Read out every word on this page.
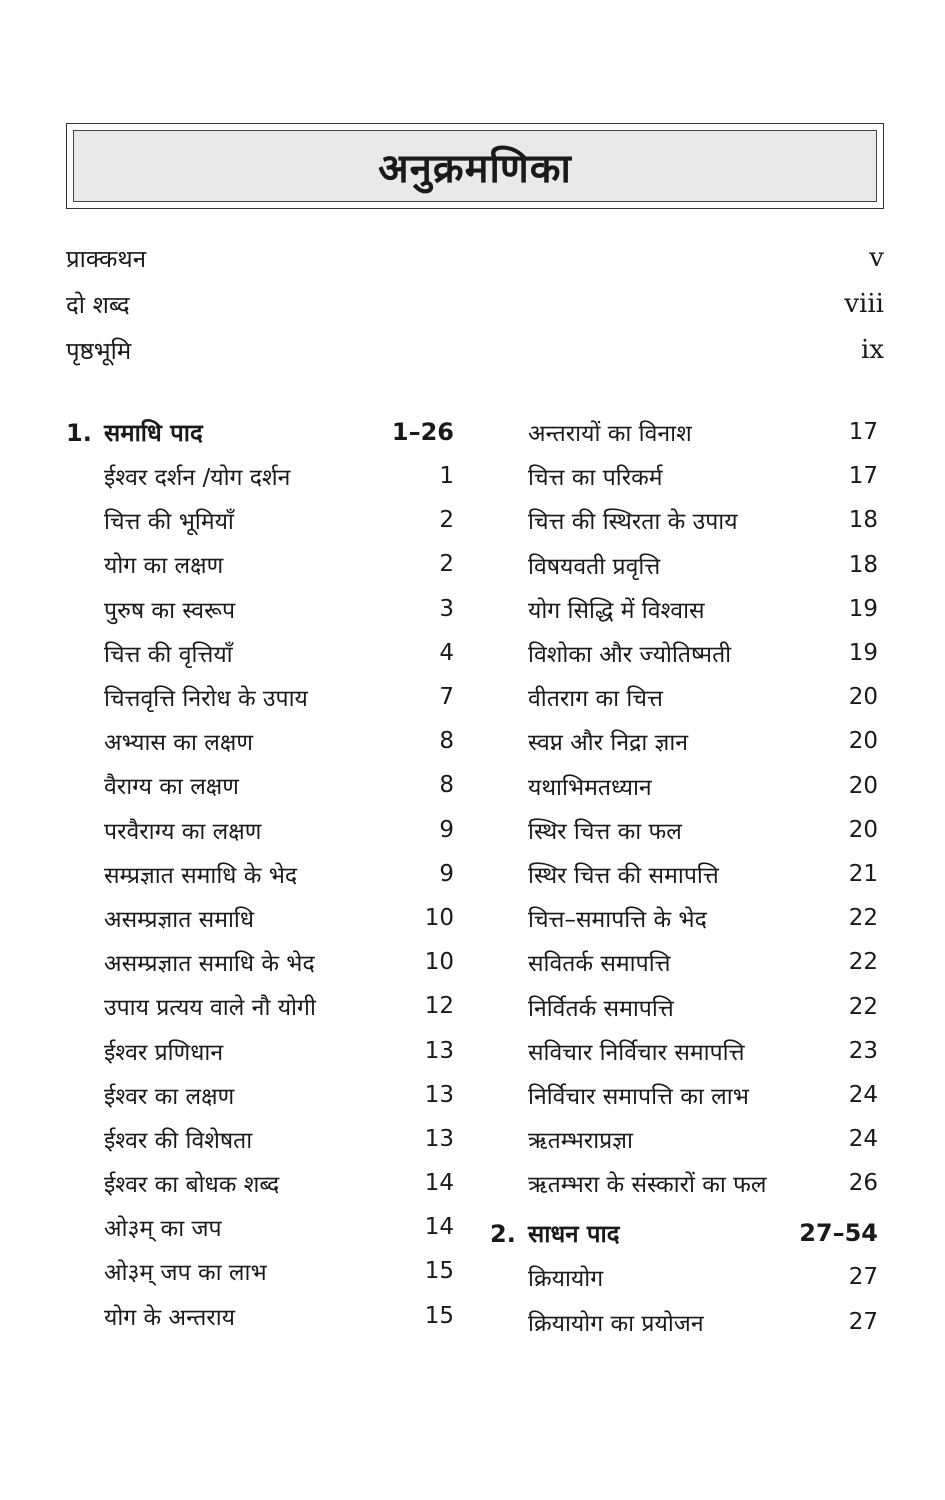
अनुक्रमणिका
प्राक्कथन	v
दो शब्द	viii
पृष्ठभूमि	ix
1. समाधि पाद	1–26
ईश्वर दर्शन /योग दर्शन	1
चित्त की भूमियाँ	2
योग का लक्षण	2
पुरुष का स्वरूप	3
चित्त की वृत्तियाँ	4
चित्तवृत्ति निरोध के उपाय	7
अभ्यास का लक्षण	8
वैराग्य का लक्षण	8
परवैराग्य का लक्षण	9
सम्प्रज्ञात समाधि के भेद	9
असम्प्रज्ञात समाधि	10
असम्प्रज्ञात समाधि के भेद	10
उपाय प्रत्यय वाले नौ योगी	12
ईश्वर प्रणिधान	13
ईश्वर का लक्षण	13
ईश्वर की विशेषता	13
ईश्वर का बोधक शब्द	14
ओ३म् का जप	14
ओ३म् जप का लाभ	15
योग के अन्तराय	15
अन्तरायों का विनाश	17
चित्त का परिकर्म	17
चित्त की स्थिरता के उपाय	18
विषयवती प्रवृत्ति	18
योग सिद्धि में विश्वास	19
विशोका और ज्योतिष्मती	19
वीतराग का चित्त	20
स्वप्न और निद्रा ज्ञान	20
यथाभिमतध्यान	20
स्थिर चित्त का फल	20
स्थिर चित्त की समापत्ति	21
चित्त–समापत्ति के भेद	22
सवितर्क समापत्ति	22
निर्वितर्क समापत्ति	22
सविचार निर्विचार समापत्ति	23
निर्विचार समापत्ति का लाभ	24
ऋतम्भराप्रज्ञा	24
ऋतम्भरा के संस्कारों का फल	26
2. साधन पाद	27–54
क्रियायोग	27
क्रियायोग का प्रयोजन	27
